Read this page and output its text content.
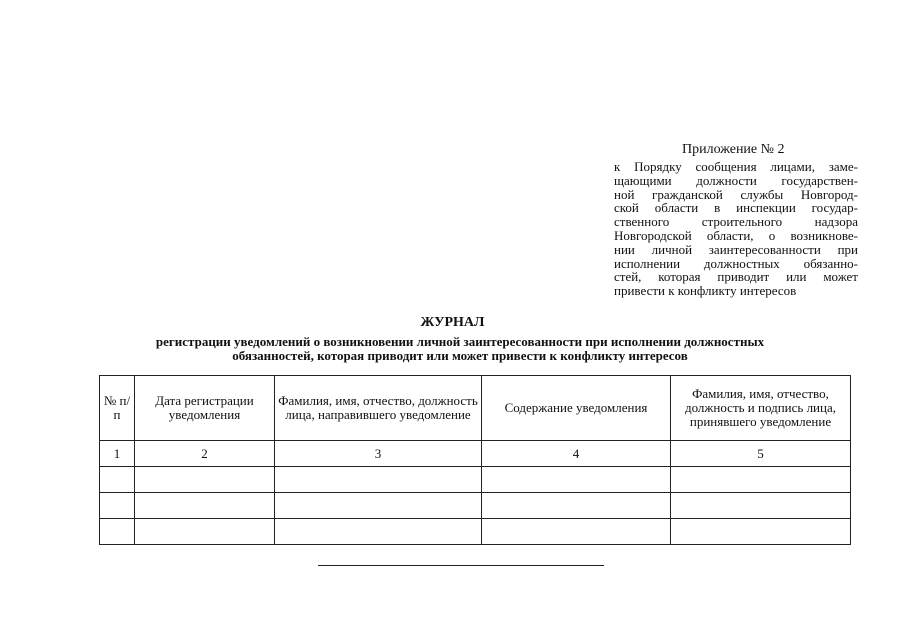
Приложение № 2
к Порядку сообщения лицами, заме-
щающими должности государствен-
ной гражданской службы Новгород-
ской области в инспекции государ-
ственного строительного надзора
Новгородской области, о возникнове-
нии личной заинтересованности при
исполнении должностных обязанно-
стей, которая приводит или может
привести к конфликту интересов
ЖУРНАЛ
регистрации уведомлений о возникновении личной заинтересованности при исполнении должностных
обязанностей, которая приводит или может привести к конфликту интересов
№ п/п	Дата регистрации уведомления	Фамилия, имя, отчество, должность лица, направившего уведомление	Содержание уведомления	Фамилия, имя, отчество, должность и подпись лица, принявшего уведомление
1	2	3	4	5
